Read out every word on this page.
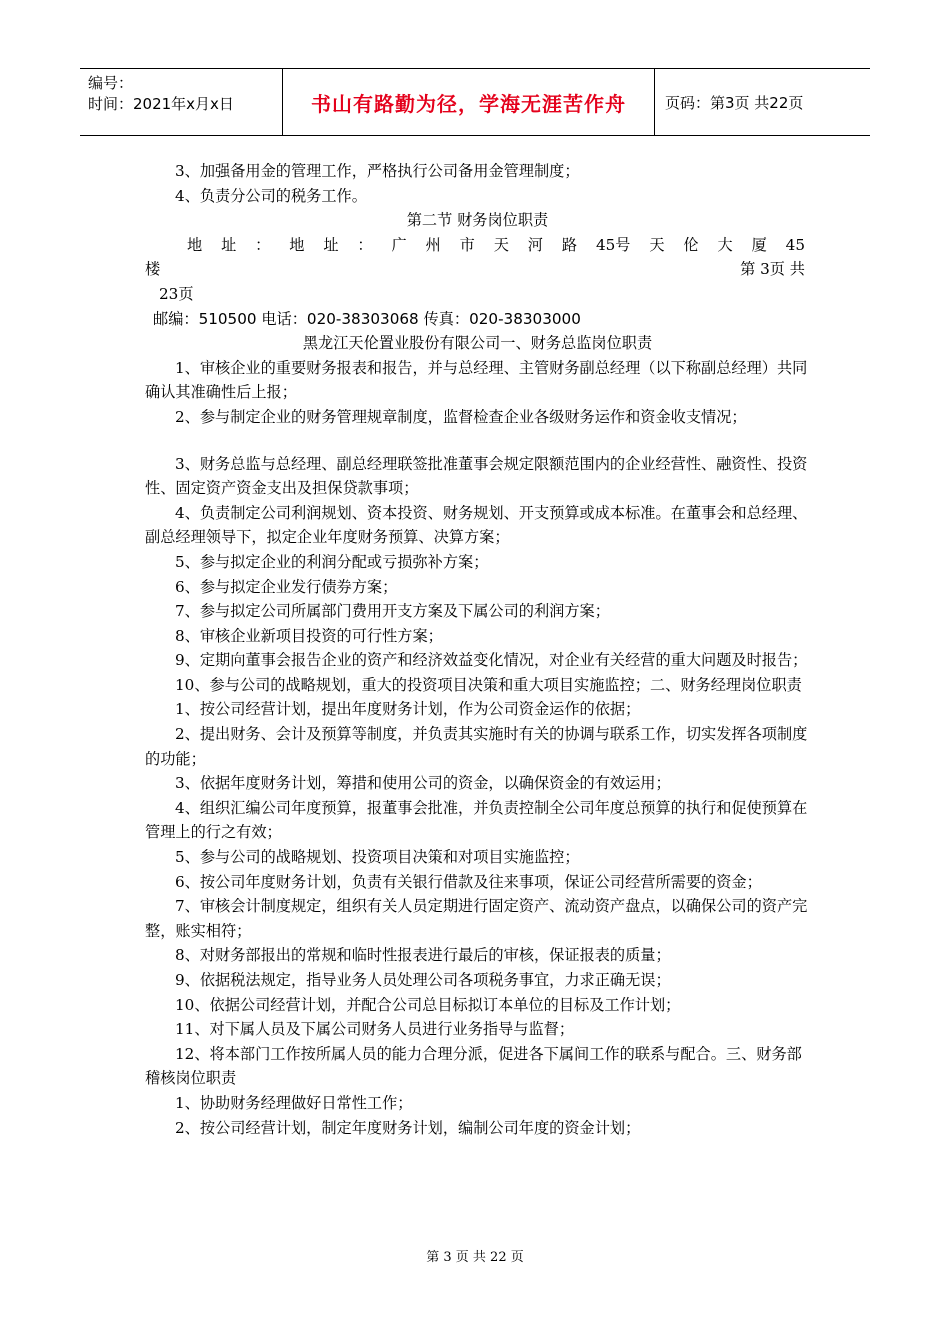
编号：
时间：2021年x月x日	书山有路勤为径，学海无涯苦作舟	页码：第3页 共22页

3、加强备用金的管理工作，严格执行公司备用金管理制度；

4、负责分公司的税务工作。

第二节 财务岗位职责

地 址 ： 地 址 ： 广 州 市 天 河 路 45号 天 伦 大 厦 45
楼	第 3页 共

23页

邮编：510500 电话：020-38303068 传真：020-38303000

黑龙江天伦置业股份有限公司一、财务总监岗位职责

1、审核企业的重要财务报表和报告，并与总经理、主管财务副总经理（以下称副总经理）共同确认其准确性后上报；

2、参与制定企业的财务管理规章制度，监督检查企业各级财务运作和资金收支情况；

3、财务总监与总经理、副总经理联签批准董事会规定限额范围内的企业经营性、融资性、投资性、固定资产资金支出及担保贷款事项；

4、负责制定公司利润规划、资本投资、财务规划、开支预算或成本标准。在董事会和总经理、副总经理领导下，拟定企业年度财务预算、决算方案；

5、参与拟定企业的利润分配或亏损弥补方案；

6、参与拟定企业发行债券方案；

7、参与拟定公司所属部门费用开支方案及下属公司的利润方案；

8、审核企业新项目投资的可行性方案；

9、定期向董事会报告企业的资产和经济效益变化情况，对企业有关经营的重大问题及时报告；

10、参与公司的战略规划，重大的投资项目决策和重大项目实施监控；二、财务经理岗位职责

1、按公司经营计划，提出年度财务计划，作为公司资金运作的依据；

2、提出财务、会计及预算等制度，并负责其实施时有关的协调与联系工作，切实发挥各项制度的功能；

3、依据年度财务计划，筹措和使用公司的资金，以确保资金的有效运用；

4、组织汇编公司年度预算，报董事会批准，并负责控制全公司年度总预算的执行和促使预算在管理上的行之有效；

5、参与公司的战略规划、投资项目决策和对项目实施监控；

6、按公司年度财务计划，负责有关银行借款及往来事项，保证公司经营所需要的资金；

7、审核会计制度规定，组织有关人员定期进行固定资产、流动资产盘点，以确保公司的资产完整，账实相符；

8、对财务部报出的常规和临时性报表进行最后的审核，保证报表的质量；

9、依据税法规定，指导业务人员处理公司各项税务事宜，力求正确无误；

10、依据公司经营计划，并配合公司总目标拟订本单位的目标及工作计划；

11、对下属人员及下属公司财务人员进行业务指导与监督；

12、将本部门工作按所属人员的能力合理分派，促进各下属间工作的联系与配合。三、财务部稽核岗位职责

1、协助财务经理做好日常性工作；

2、按公司经营计划，制定年度财务计划，编制公司年度的资金计划；

第 3 页 共 22 页
